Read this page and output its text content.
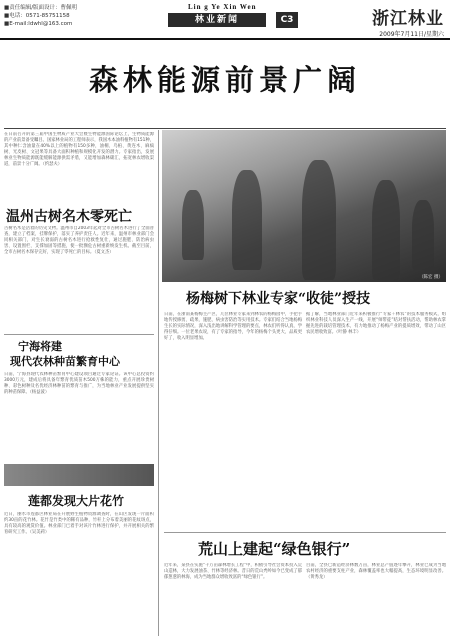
■责任编辑/版面设计：曹佩明
■电话：0571-85751158
■E-mail:ldwhl@163.com
Lin g Ye Xin Wen
林业新闻	C3	浙江林业
2009年7月11日/星期六
森林能源前景广阔
在日前召开的第三届中国生物质产业大会暨生物能源国际论坛上，生物质能源的产业前景备受瞩目。国家林业局的工程师表示，我国木本油料植物有151种，其中种仁含油量在40%以上的植物有150多种，油桐、乌桕、黄连木、麻疯树、光皮树、文冠果等具备大面积种植和规模化开发的潜力。专家指出，发展林业生物质能源既能缓解能源供需矛盾，又能增加森林碳汇，拓宽林农增收渠道，前景十分广阔。（约瑟夫）
（陈宏 摄）
温州古树名木零死亡
古树名木是活着的历史文物。温州市自2003年起对全市古树名木进行了全面普查，建立了档案，挂牌保护，落实了养护责任人。近年来，温州市林业部门会同相关部门，对生长衰弱的古树名木进行抢救性复壮，通过施肥、防治病虫害、设置围栏、支撑加固等措施，使一批濒危古树重新焕发生机。截至目前，全市古树名木保存完好，实现了零死亡的目标。（夏文杰）
宁海将建
现代农林种苗繁育中心
日前，宁海县现代农林种苗繁育中心建设项目通过专家论证。该中心总投资约3000万元，建成后将具备年繁育优质苗木500万株的能力，重点开展珍贵树种、彩色树种及名优经济林种苗的繁育与推广，为当地林业产业发展提供坚实的种苗保障。（杨益波）
莲都发现大片花竹
近日，丽水市莲都区林业局在开展野生植物资源调查时，在山区发现一片面积约30亩的花竹林。花竹是竹类中的稀有品种，竹秆上分布着美丽的花纹斑点，具有较高的观赏价值。林业部门已着手对该片竹林进行保护，并开展相关的繁育研究工作。（吴美莉）
杨梅树下林业专家“收徒”授技
日前，在浙南某杨梅主产区，几位林业专家来到林农的杨梅园中，手把手地传授修剪、疏果、施肥、病虫害防治等实用技术。专家们结合当地杨梅生长的实际情况，深入浅出地讲解科学管理的要点，林农们听得认真，学得仔细。一位老果农说，有了专家的指导，今年的杨梅个头更大、品质更好了，收入明显增加。
据了解，当地林业部门近年来积极推行“专家＋林农”的技术服务模式，组织林业科技人员深入生产一线，开展“师带徒”结对帮扶活动，帮助林农掌握先进的栽培管理技术，有力地推动了杨梅产业的提质增效，带动了山区农民增收致富。（叶静 林丰）
荒山上建起“绿色银行”
近年来，某县在实施“千万亩森林增长工程”中，积极引导社会资本投入荒山造林，大力发展油茶、竹林等经济林。昔日的荒山秃岭如今已变成了郁郁葱葱的林海，成为当地群众增收致富的“绿色银行”。
目前，全县已新造经济林数万亩，林业总产值逐年攀升，林业已成为当地农村经济的重要支柱产业，森林覆盖率也大幅提高，生态环境明显改善。（黄秀龙）
